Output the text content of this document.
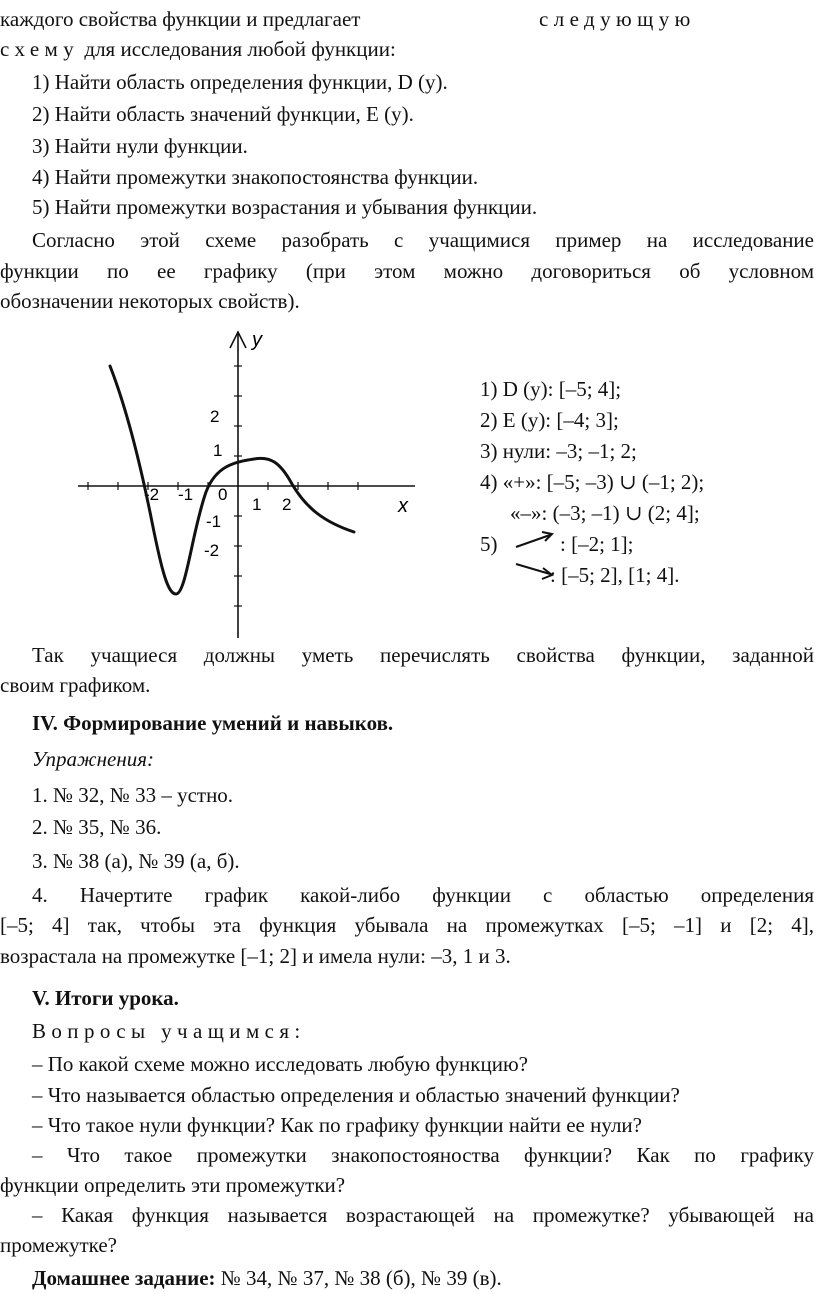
каждого свойства функции и предлагает	следующую
схему для исследования любой функции:
1) Найти область определения функции, D (y).
2) Найти область значений функции, E (y).
3) Найти нули функции.
4) Найти промежутки знакопостоянства функции.
5) Найти промежутки возрастания и убывания функции.
Согласно этой схеме разобрать с учащимися пример на исследование
функции по ее графику (при этом можно договориться об условном
обозначении некоторых свойств).
y
x
2
1
-1
-2
-2 -1 0
1 2
1) D (y): [–5; 4];
2) E (y): [–4; 3];
3) нули: –3; –1; 2;
4) «+»: [–5; –3) ∪ (–1; 2);
«–»: (–3; –1) ∪ (2; 4];
5)	: [–2; 1];
: [–5; 2], [1; 4].
Так учащиеся должны уметь перечислять свойства функции, заданной
своим графиком.
IV. Формирование умений и навыков.
Упражнения:
1. № 32, № 33 – устно.
2. № 35, № 36.
3. № 38 (а), № 39 (а, б).
4. Начертите график какой-либо функции с областью определения
[–5; 4] так, чтобы эта функция убывала на промежутках [–5; –1] и [2; 4],
возрастала на промежутке [–1; 2] и имела нули: –3, 1 и 3.
V. Итоги урока.
Вопросы учащимся:
– По какой схеме можно исследовать любую функцию?
– Что называется областью определения и областью значений функции?
– Что такое нули функции? Как по графику функции найти ее нули?
– Что такое промежутки знакопостояноства функции? Как по графику
функции определить эти промежутки?
– Какая функция называется возрастающей на промежутке? убывающей на
промежутке?
Домашнее задание: № 34, № 37, № 38 (б), № 39 (в).
